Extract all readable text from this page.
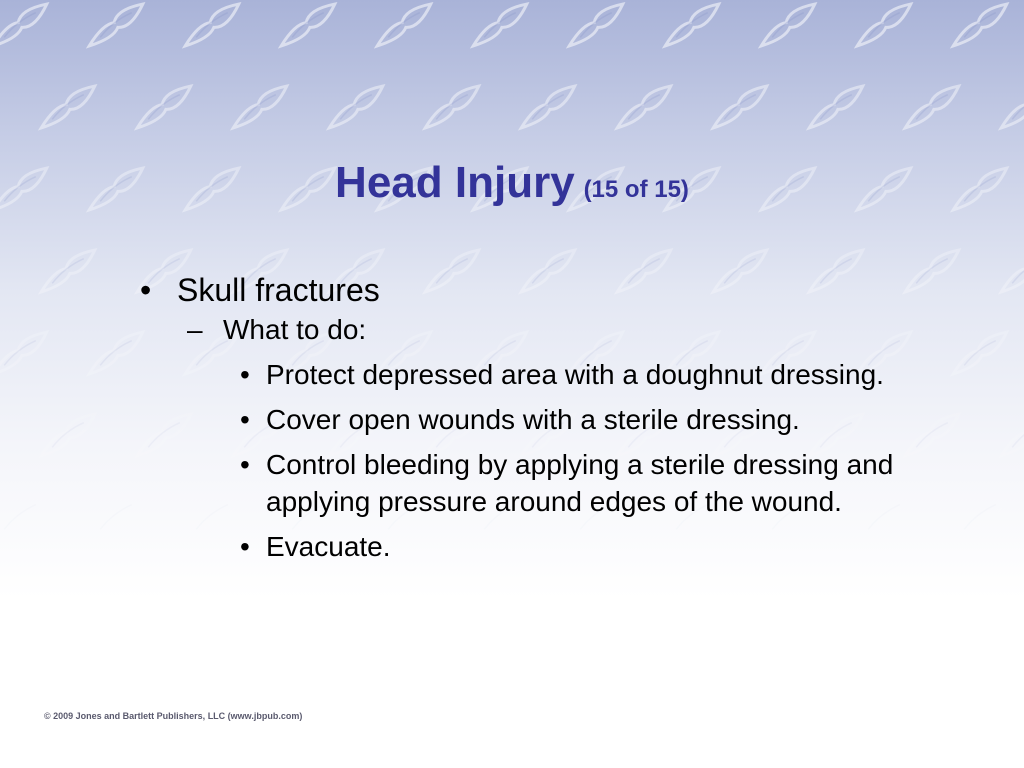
Head Injury (15 of 15)
• Skull fractures
– What to do:
• Protect depressed area with a doughnut dressing.
• Cover open wounds with a sterile dressing.
• Control bleeding by applying a sterile dressing and applying pressure around edges of the wound.
• Evacuate.
© 2009 Jones and Bartlett Publishers, LLC (www.jbpub.com)
